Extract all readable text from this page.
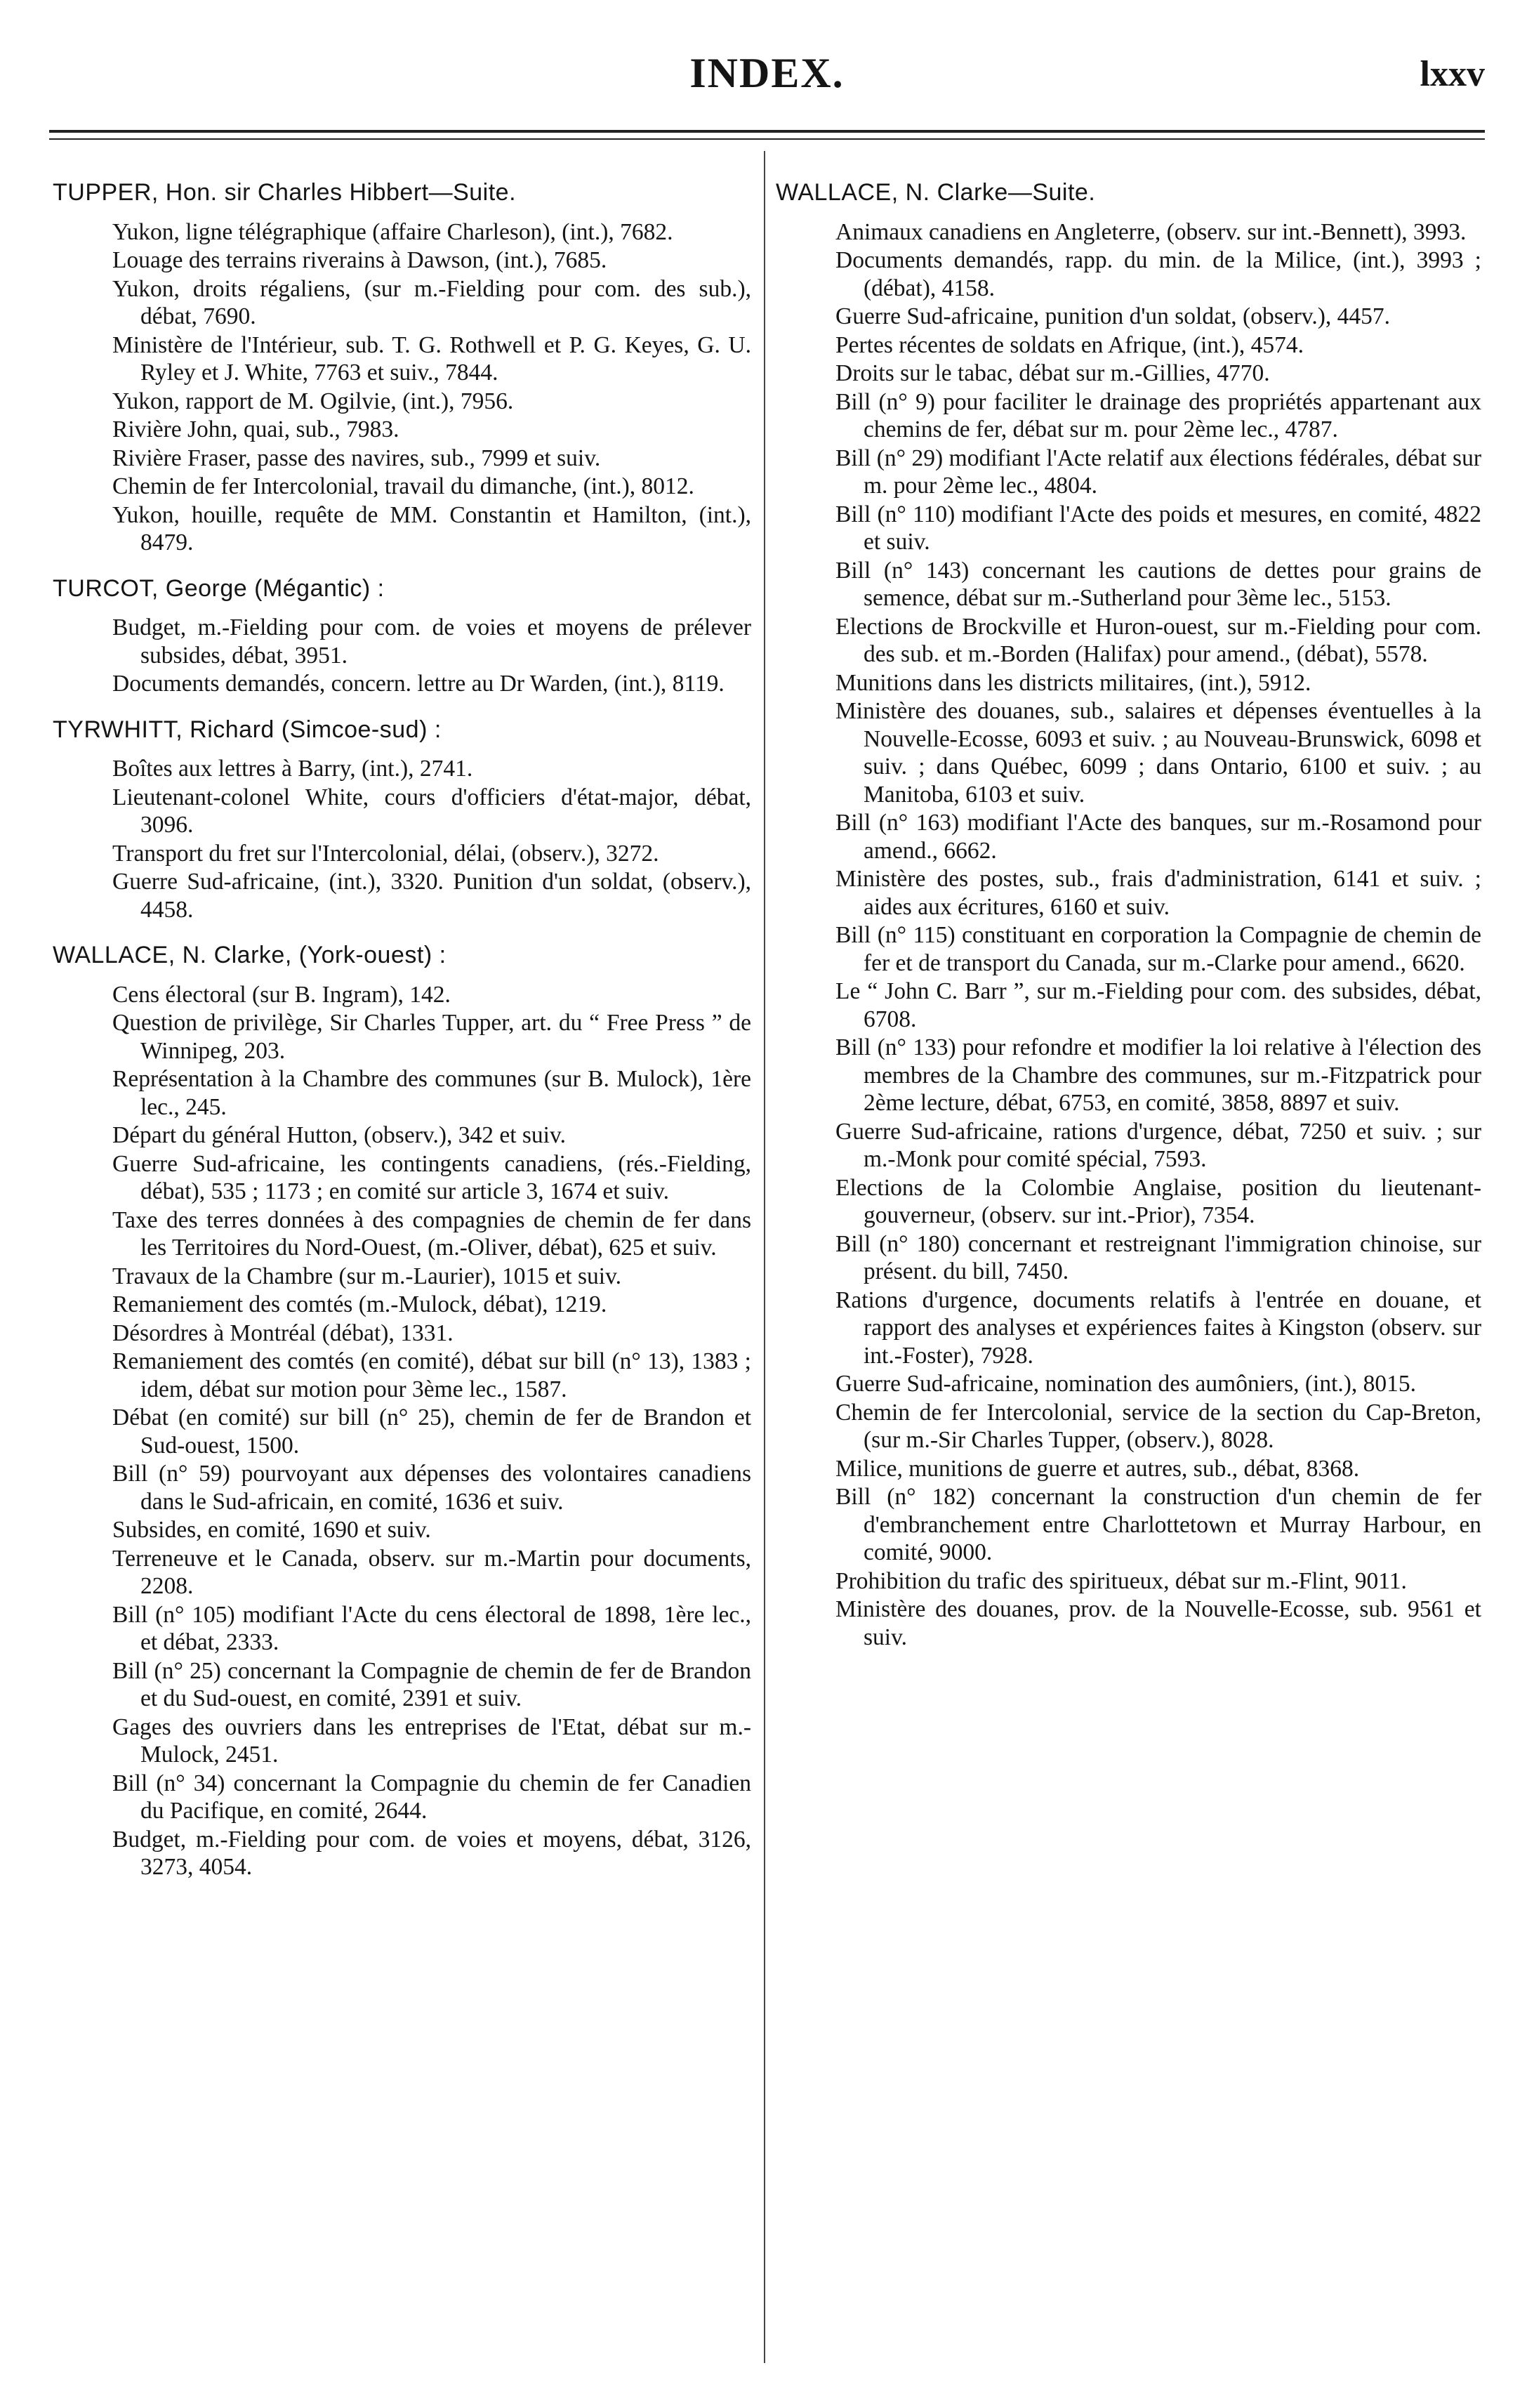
INDEX.	lxxv
TUPPER, Hon. sir Charles Hibbert—Suite.
Yukon, ligne télégraphique (affaire Charleson), (int.), 7682.
Louage des terrains riverains à Dawson, (int.), 7685.
Yukon, droits régaliens, (sur m.-Fielding pour com. des sub.), débat, 7690.
Ministère de l'Intérieur, sub. T. G. Rothwell et P. G. Keyes, G. U. Ryley et J. White, 7763 et suiv., 7844.
Yukon, rapport de M. Ogilvie, (int.), 7956.
Rivière John, quai, sub., 7983.
Rivière Fraser, passe des navires, sub., 7999 et suiv.
Chemin de fer Intercolonial, travail du dimanche, (int.), 8012.
Yukon, houille, requête de MM. Constantin et Hamilton, (int.), 8479.
TURCOT, George (Mégantic) :
Budget, m.-Fielding pour com. de voies et moyens de prélever subsides, débat, 3951.
Documents demandés, concern. lettre au Dr Warden, (int.), 8119.
TYRWHITT, Richard (Simcoe-sud) :
Boîtes aux lettres à Barry, (int.), 2741.
Lieutenant-colonel White, cours d'officiers d'état-major, débat, 3096.
Transport du fret sur l'Intercolonial, délai, (observ.), 3272.
Guerre Sud-africaine, (int.), 3320. Punition d'un soldat, (observ.), 4458.
WALLACE, N. Clarke, (York-ouest) :
Cens électoral (sur B. Ingram), 142.
Question de privilège, Sir Charles Tupper, art. du “ Free Press ” de Winnipeg, 203.
Représentation à la Chambre des communes (sur B. Mulock), 1ère lec., 245.
Départ du général Hutton, (observ.), 342 et suiv.
Guerre Sud-africaine, les contingents canadiens, (rés.-Fielding, débat), 535 ; 1173 ; en comité sur article 3, 1674 et suiv.
Taxe des terres données à des compagnies de chemin de fer dans les Territoires du Nord-Ouest, (m.-Oliver, débat), 625 et suiv.
Travaux de la Chambre (sur m.-Laurier), 1015 et suiv.
Remaniement des comtés (m.-Mulock, débat), 1219.
Désordres à Montréal (débat), 1331.
Remaniement des comtés (en comité), débat sur bill (n° 13), 1383 ; idem, débat sur motion pour 3ème lec., 1587.
Débat (en comité) sur bill (n° 25), chemin de fer de Brandon et Sud-ouest, 1500.
Bill (n° 59) pourvoyant aux dépenses des volontaires canadiens dans le Sud-africain, en comité, 1636 et suiv.
Subsides, en comité, 1690 et suiv.
Terreneuve et le Canada, observ. sur m.-Martin pour documents, 2208.
Bill (n° 105) modifiant l'Acte du cens électoral de 1898, 1ère lec., et débat, 2333.
Bill (n° 25) concernant la Compagnie de chemin de fer de Brandon et du Sud-ouest, en comité, 2391 et suiv.
Gages des ouvriers dans les entreprises de l'Etat, débat sur m.-Mulock, 2451.
Bill (n° 34) concernant la Compagnie du chemin de fer Canadien du Pacifique, en comité, 2644.
Budget, m.-Fielding pour com. de voies et moyens, débat, 3126, 3273, 4054.
WALLACE, N. Clarke—Suite.
Animaux canadiens en Angleterre, (observ. sur int.-Bennett), 3993.
Documents demandés, rapp. du min. de la Milice, (int.), 3993 ; (débat), 4158.
Guerre Sud-africaine, punition d'un soldat, (observ.), 4457.
Pertes récentes de soldats en Afrique, (int.), 4574.
Droits sur le tabac, débat sur m.-Gillies, 4770.
Bill (n° 9) pour faciliter le drainage des propriétés appartenant aux chemins de fer, débat sur m. pour 2ème lec., 4787.
Bill (n° 29) modifiant l'Acte relatif aux élections fédérales, débat sur m. pour 2ème lec., 4804.
Bill (n° 110) modifiant l'Acte des poids et mesures, en comité, 4822 et suiv.
Bill (n° 143) concernant les cautions de dettes pour grains de semence, débat sur m.-Sutherland pour 3ème lec., 5153.
Elections de Brockville et Huron-ouest, sur m.-Fielding pour com. des sub. et m.-Borden (Halifax) pour amend., (débat), 5578.
Munitions dans les districts militaires, (int.), 5912.
Ministère des douanes, sub., salaires et dépenses éventuelles à la Nouvelle-Ecosse, 6093 et suiv. ; au Nouveau-Brunswick, 6098 et suiv. ; dans Québec, 6099 ; dans Ontario, 6100 et suiv. ; au Manitoba, 6103 et suiv.
Bill (n° 163) modifiant l'Acte des banques, sur m.-Rosamond pour amend., 6662.
Ministère des postes, sub., frais d'administration, 6141 et suiv. ; aides aux écritures, 6160 et suiv.
Bill (n° 115) constituant en corporation la Compagnie de chemin de fer et de transport du Canada, sur m.-Clarke pour amend., 6620.
Le “ John C. Barr ”, sur m.-Fielding pour com. des subsides, débat, 6708.
Bill (n° 133) pour refondre et modifier la loi relative à l'élection des membres de la Chambre des communes, sur m.-Fitzpatrick pour 2ème lecture, débat, 6753, en comité, 3858, 8897 et suiv.
Guerre Sud-africaine, rations d'urgence, débat, 7250 et suiv. ; sur m.-Monk pour comité spécial, 7593.
Elections de la Colombie Anglaise, position du lieutenant-gouverneur, (observ. sur int.-Prior), 7354.
Bill (n° 180) concernant et restreignant l'immigration chinoise, sur présent. du bill, 7450.
Rations d'urgence, documents relatifs à l'entrée en douane, et rapport des analyses et expériences faites à Kingston (observ. sur int.-Foster), 7928.
Guerre Sud-africaine, nomination des aumôniers, (int.), 8015.
Chemin de fer Intercolonial, service de la section du Cap-Breton, (sur m.-Sir Charles Tupper, (observ.), 8028.
Milice, munitions de guerre et autres, sub., débat, 8368.
Bill (n° 182) concernant la construction d'un chemin de fer d'embranchement entre Charlottetown et Murray Harbour, en comité, 9000.
Prohibition du trafic des spiritueux, débat sur m.-Flint, 9011.
Ministère des douanes, prov. de la Nouvelle-Ecosse, sub. 9561 et suiv.
